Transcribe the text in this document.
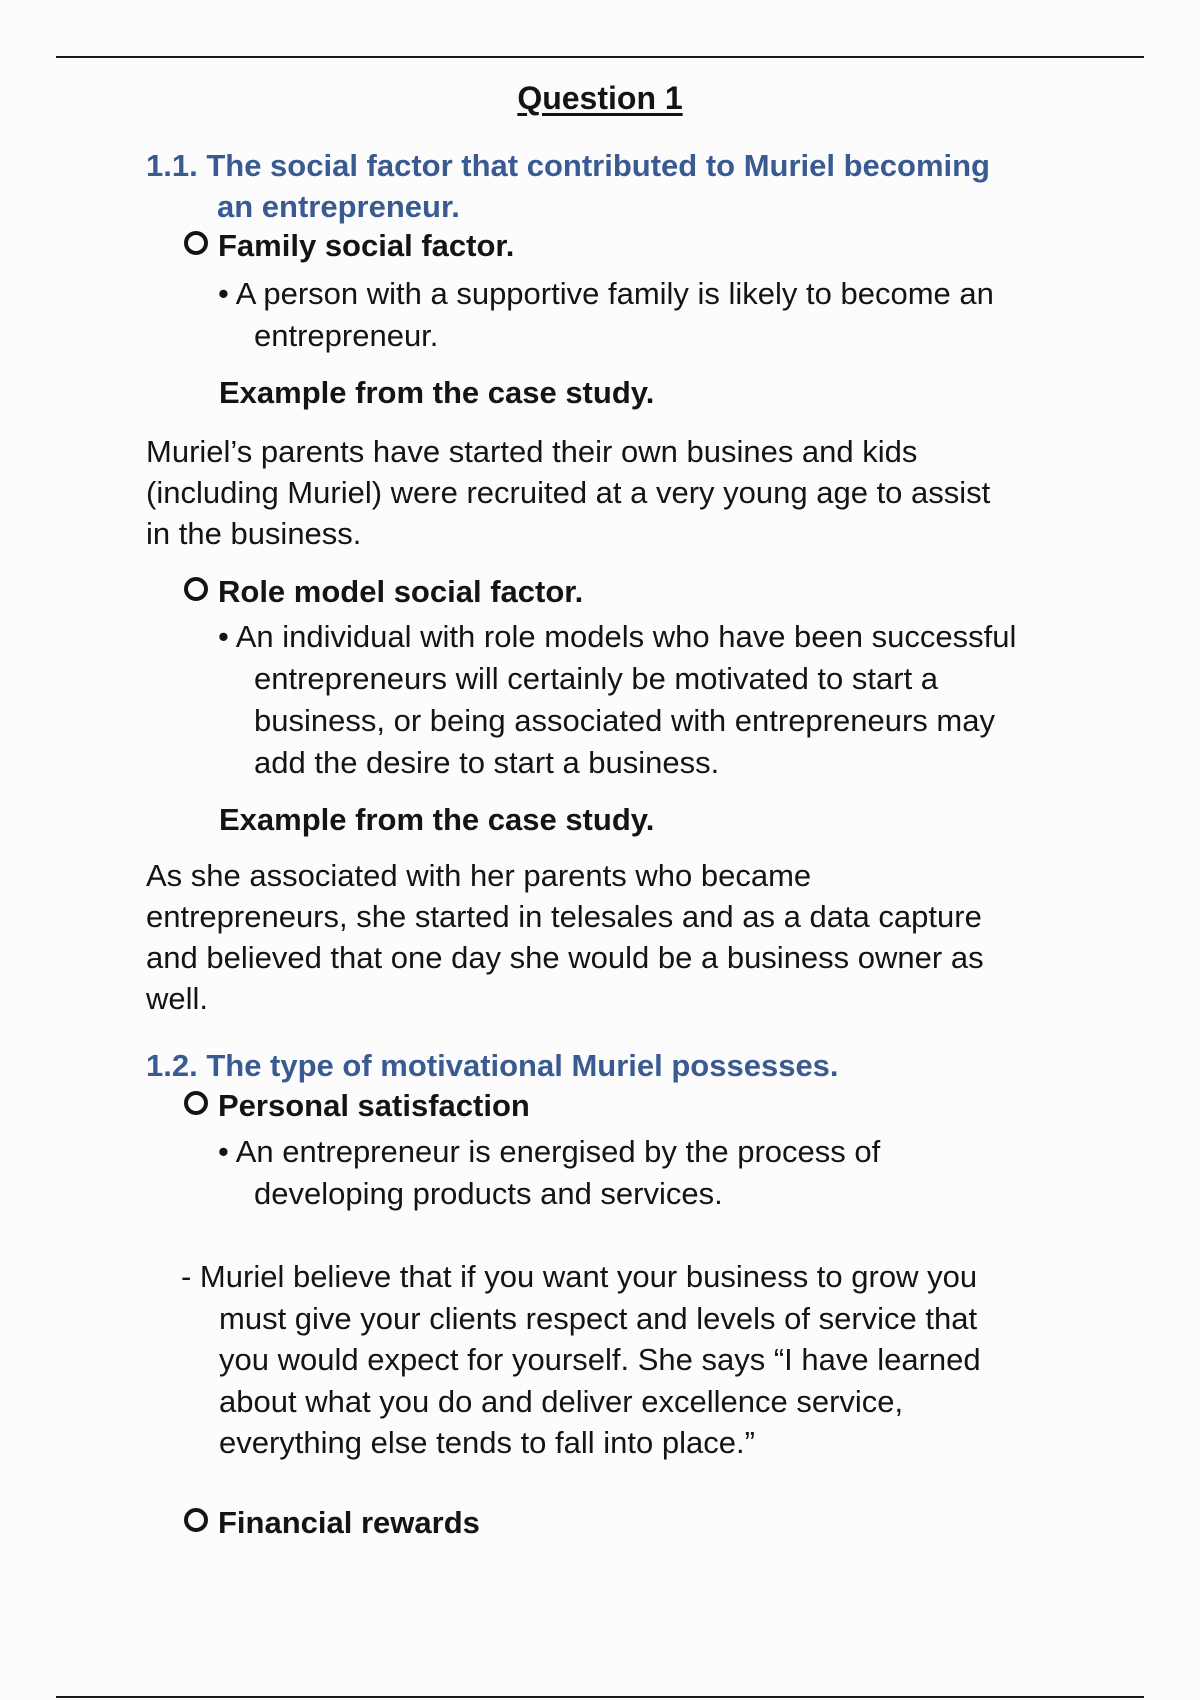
Question 1
1.1. The social factor that contributed to Muriel becoming
an entrepreneur.
Family social factor.
• A person with a supportive family is likely to become an
entrepreneur.
Example from the case study.
Muriel’s parents have started their own busines and kids
(including Muriel) were recruited at a very young age to assist
in the business.
Role model social factor.
• An individual with role models who have been successful
entrepreneurs will certainly be motivated to start a
business, or being associated with entrepreneurs may
add the desire to start a business.
Example from the case study.
As she associated with her parents who became
entrepreneurs, she started in telesales and as a data capture
and believed that one day she would be a business owner as
well.
1.2. The type of motivational Muriel possesses.
Personal satisfaction
• An entrepreneur is energised by the process of
developing products and services.
- Muriel believe that if you want your business to grow you
must give your clients respect and levels of service that
you would expect for yourself. She says “I have learned
about what you do and deliver excellence service,
everything else tends to fall into place.”
Financial rewards
